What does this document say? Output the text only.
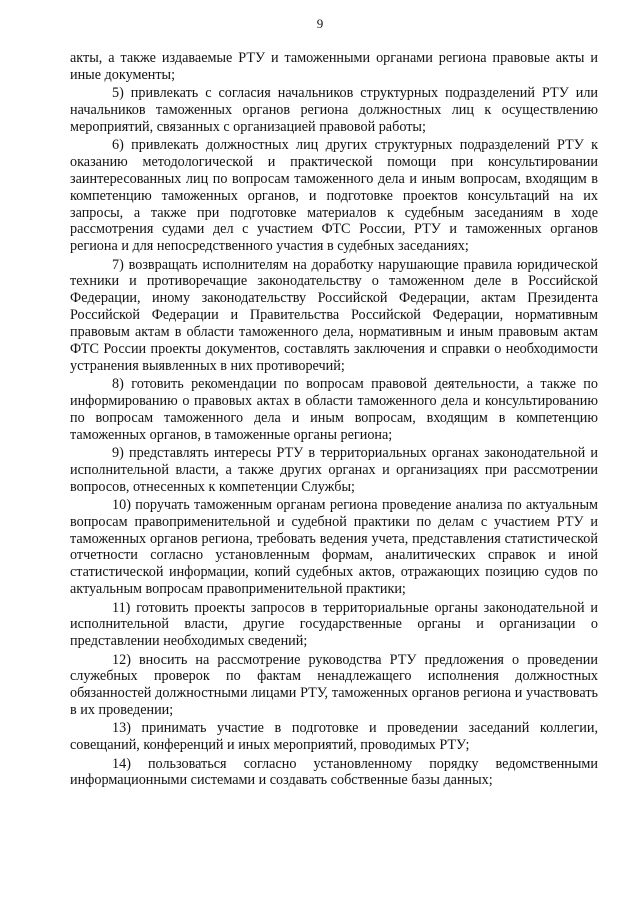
9

акты, а также издаваемые РТУ и таможенными органами региона правовые акты и иные документы;

5) привлекать с согласия начальников структурных подразделений РТУ или начальников таможенных органов региона должностных лиц к осуществлению мероприятий, связанных с организацией правовой работы;

6) привлекать должностных лиц других структурных подразделений РТУ к оказанию методологической и практической помощи при консультировании заинтересованных лиц по вопросам таможенного дела и иным вопросам, входящим в компетенцию таможенных органов, и подготовке проектов консультаций на их запросы, а также при подготовке материалов к судебным заседаниям в ходе рассмотрения судами дел с участием ФТС России, РТУ и таможенных органов региона и для непосредственного участия в судебных заседаниях;

7) возвращать исполнителям на доработку нарушающие правила юридической техники и противоречащие законодательству о таможенном деле в Российской Федерации, иному законодательству Российской Федерации, актам Президента Российской Федерации и Правительства Российской Федерации, нормативным правовым актам в области таможенного дела, нормативным и иным правовым актам ФТС России проекты документов, составлять заключения и справки о необходимости устранения выявленных в них противоречий;

8) готовить рекомендации по вопросам правовой деятельности, а также по информированию о правовых актах в области таможенного дела и консультированию по вопросам таможенного дела и иным вопросам, входящим в компетенцию таможенных органов, в таможенные органы региона;

9) представлять интересы РТУ в территориальных органах законодательной и исполнительной власти, а также других органах и организациях при рассмотрении вопросов, отнесенных к компетенции Службы;

10) поручать таможенным органам региона проведение анализа по актуальным вопросам правоприменительной и судебной практики по делам с участием РТУ и таможенных органов региона, требовать ведения учета, представления статистической отчетности согласно установленным формам, аналитических справок и иной статистической информации, копий судебных актов, отражающих позицию судов по актуальным вопросам правоприменительной практики;

11) готовить проекты запросов в территориальные органы законодательной и исполнительной власти, другие государственные органы и организации о представлении необходимых сведений;

12) вносить на рассмотрение руководства РТУ предложения о проведении служебных проверок по фактам ненадлежащего исполнения должностных обязанностей должностными лицами РТУ, таможенных органов региона и участвовать в их проведении;

13) принимать участие в подготовке и проведении заседаний коллегии, совещаний, конференций и иных мероприятий, проводимых РТУ;

14) пользоваться согласно установленному порядку ведомственными информационными системами и создавать собственные базы данных;
